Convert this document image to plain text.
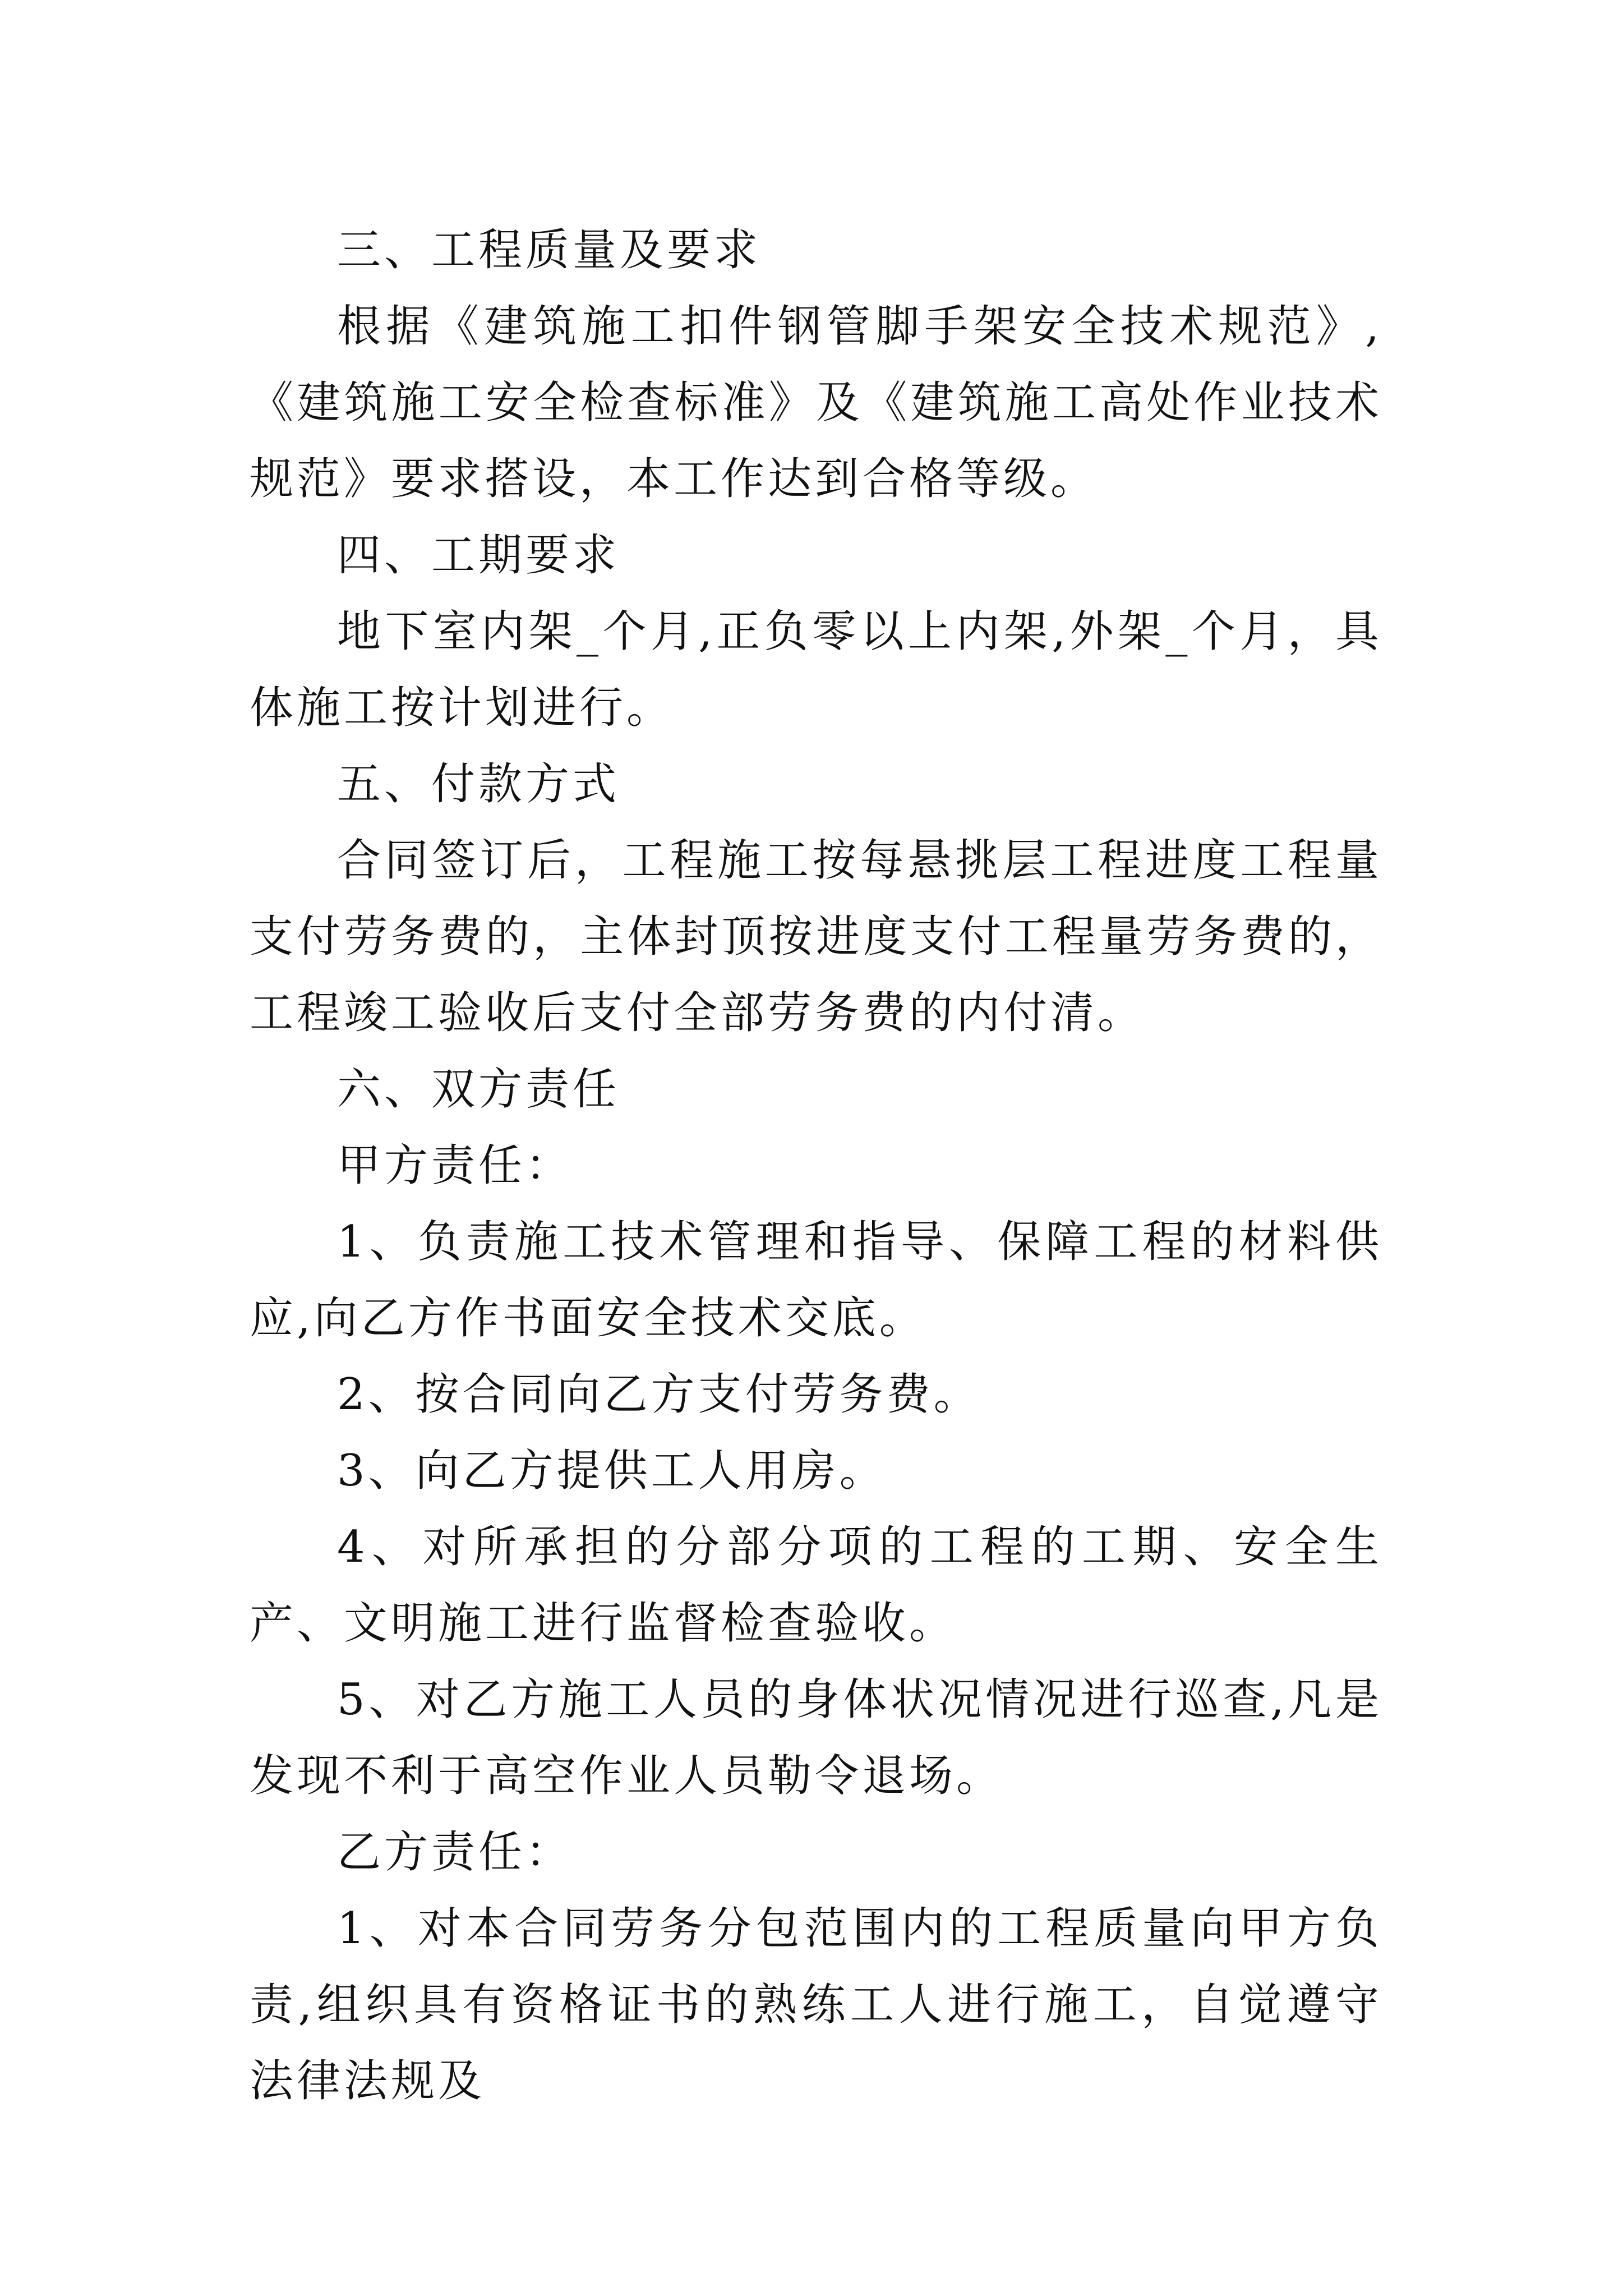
三、工程质量及要求

根据《建筑施工扣件钢管脚手架安全技术规范》,《建筑施工安全检查标准》及《建筑施工高处作业技术规范》要求搭设，本工作达到合格等级。

四、工期要求

地下室内架_个月,正负零以上内架,外架_个月，具体施工按计划进行。

五、付款方式

合同签订后，工程施工按每悬挑层工程进度工程量支付劳务费的，主体封顶按进度支付工程量劳务费的，工程竣工验收后支付全部劳务费的内付清。

六、双方责任

甲方责任：

1、负责施工技术管理和指导、保障工程的材料供应,向乙方作书面安全技术交底。

2、按合同向乙方支付劳务费。

3、向乙方提供工人用房。

4、对所承担的分部分项的工程的工期、安全生产、文明施工进行监督检查验收。

5、对乙方施工人员的身体状况情况进行巡查,凡是发现不利于高空作业人员勒令退场。

乙方责任：

1、对本合同劳务分包范围内的工程质量向甲方负责,组织具有资格证书的熟练工人进行施工，自觉遵守法律法规及
